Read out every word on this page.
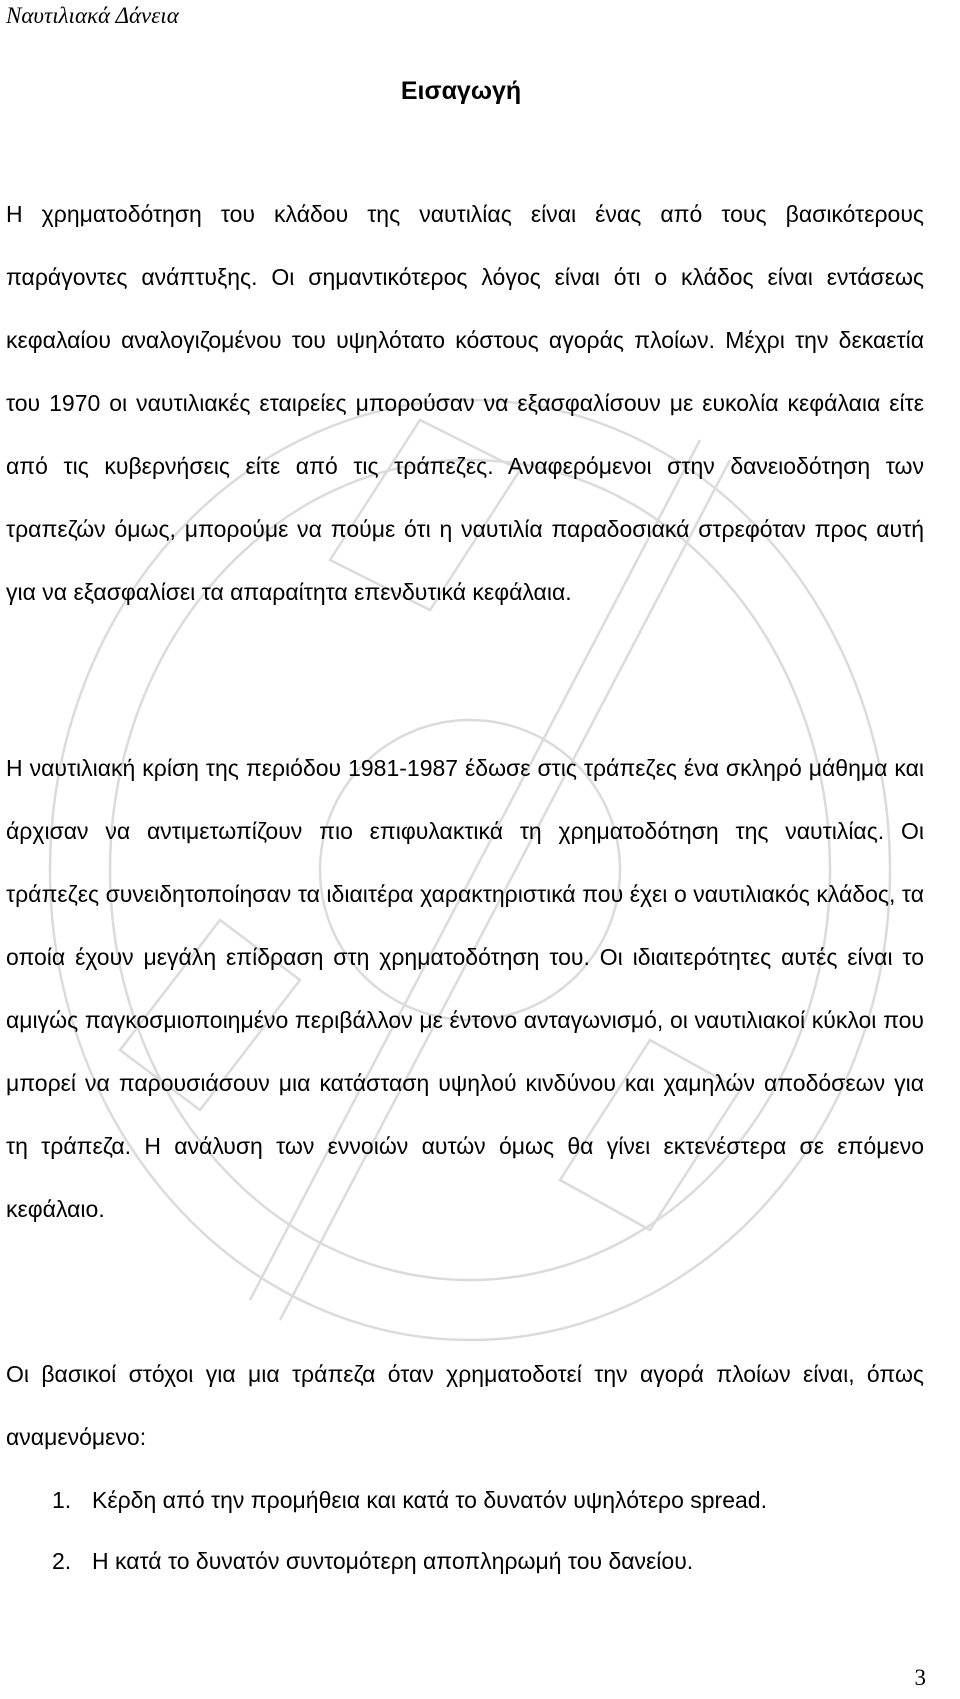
Ναυτιλιακά Δάνεια
Εισαγωγή

Η χρηματοδότηση του κλάδου της ναυτιλίας είναι ένας από τους βασικότερους παράγοντες ανάπτυξης. Οι σημαντικότερος λόγος είναι ότι ο κλάδος είναι εντάσεως κεφαλαίου αναλογιζομένου του υψηλότατο κόστους αγοράς πλοίων. Μέχρι την δεκαετία του 1970 οι ναυτιλιακές εταιρείες μπορούσαν να εξασφαλίσουν με ευκολία κεφάλαια είτε από τις κυβερνήσεις είτε από τις τράπεζες. Αναφερόμενοι στην δανειοδότηση των τραπεζών όμως, μπορούμε να πούμε ότι η ναυτιλία παραδοσιακά στρεφόταν προς αυτή για να εξασφαλίσει τα απαραίτητα επενδυτικά κεφάλαια.

Η ναυτιλιακή κρίση της περιόδου 1981-1987 έδωσε στις τράπεζες ένα σκληρό μάθημα και άρχισαν να αντιμετωπίζουν πιο επιφυλακτικά τη χρηματοδότηση της ναυτιλίας. Οι τράπεζες συνειδητοποίησαν τα ιδιαιτέρα χαρακτηριστικά που έχει ο ναυτιλιακός κλάδος, τα οποία έχουν μεγάλη επίδραση στη χρηματοδότηση του. Οι ιδιαιτερότητες αυτές είναι το αμιγώς παγκοσμιοποιημένο περιβάλλον με έντονο ανταγωνισμό, οι ναυτιλιακοί κύκλοι που μπορεί να παρουσιάσουν μια κατάσταση υψηλού κινδύνου και χαμηλών αποδόσεων για τη τράπεζα. Η ανάλυση των εννοιών αυτών όμως θα γίνει εκτενέστερα σε επόμενο κεφάλαιο.

Οι βασικοί στόχοι για μια τράπεζα όταν χρηματοδοτεί την αγορά πλοίων είναι, όπως αναμενόμενο:

1. Κέρδη από την προμήθεια και κατά το δυνατόν υψηλότερο spread.
2. Η κατά το δυνατόν συντομότερη αποπληρωμή του δανείου.
3
